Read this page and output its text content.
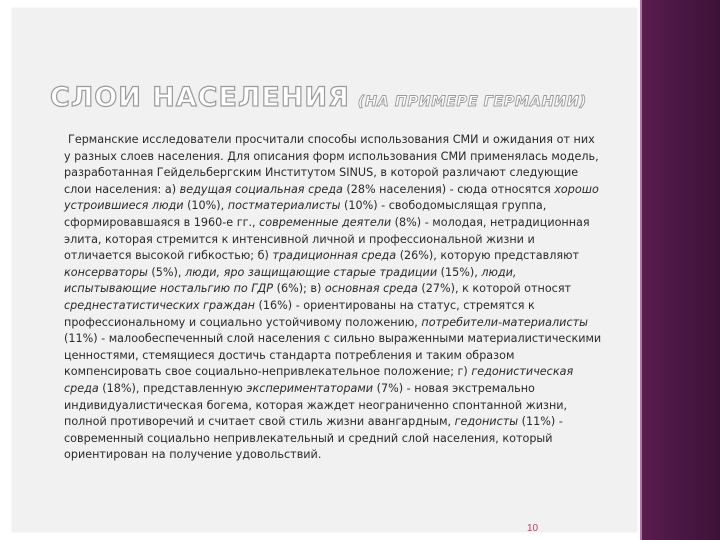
СЛОИ НАСЕЛЕНИЯ (НА ПРИМЕРЕ ГЕРМАНИИ)
Германские исследователи просчитали способы использования СМИ и ожидания от них у разных слоев населения. Для описания форм использования СМИ применялась модель, разработанная Гейдельбергским Институтом SINUS, в которой различают следующие слои населения: а) ведущая социальная среда (28% населения) - сюда относятся хорошо устроившиеся люди (10%), постматериалисты (10%) - свободомыслящая группа, сформировавшаяся в 1960-е гг., современные деятели (8%) - молодая, нетрадиционная элита, которая стремится к интенсивной личной и профессиональной жизни и отличается высокой гибкостью; б) традиционная среда (26%), которую представляют консерваторы (5%), люди, яро защищающие старые традиции (15%), люди, испытывающие ностальгию по ГДР (6%); в) основная среда (27%), к которой относят среднестатистических граждан (16%) - ориентированы на статус, стремятся к профессиональному и социально устойчивому положению, потребители-материалисты (11%) - малообеспеченный слой населения с сильно выраженными материалистическими ценностями, стемящиеся достичь стандарта потребления и таким образом компенсировать свое социально-непривлекательное положение; г) гедонистическая среда (18%), представленную экспериментаторами (7%) - новая экстремально индивидуалистическая богема, которая жаждет неограниченно спонтанной жизни, полной противоречий и считает свой стиль жизни авангардным, гедонисты (11%) - современный социально непривлекательный и средний слой населения, который ориентирован на получение удовольствий.
10
